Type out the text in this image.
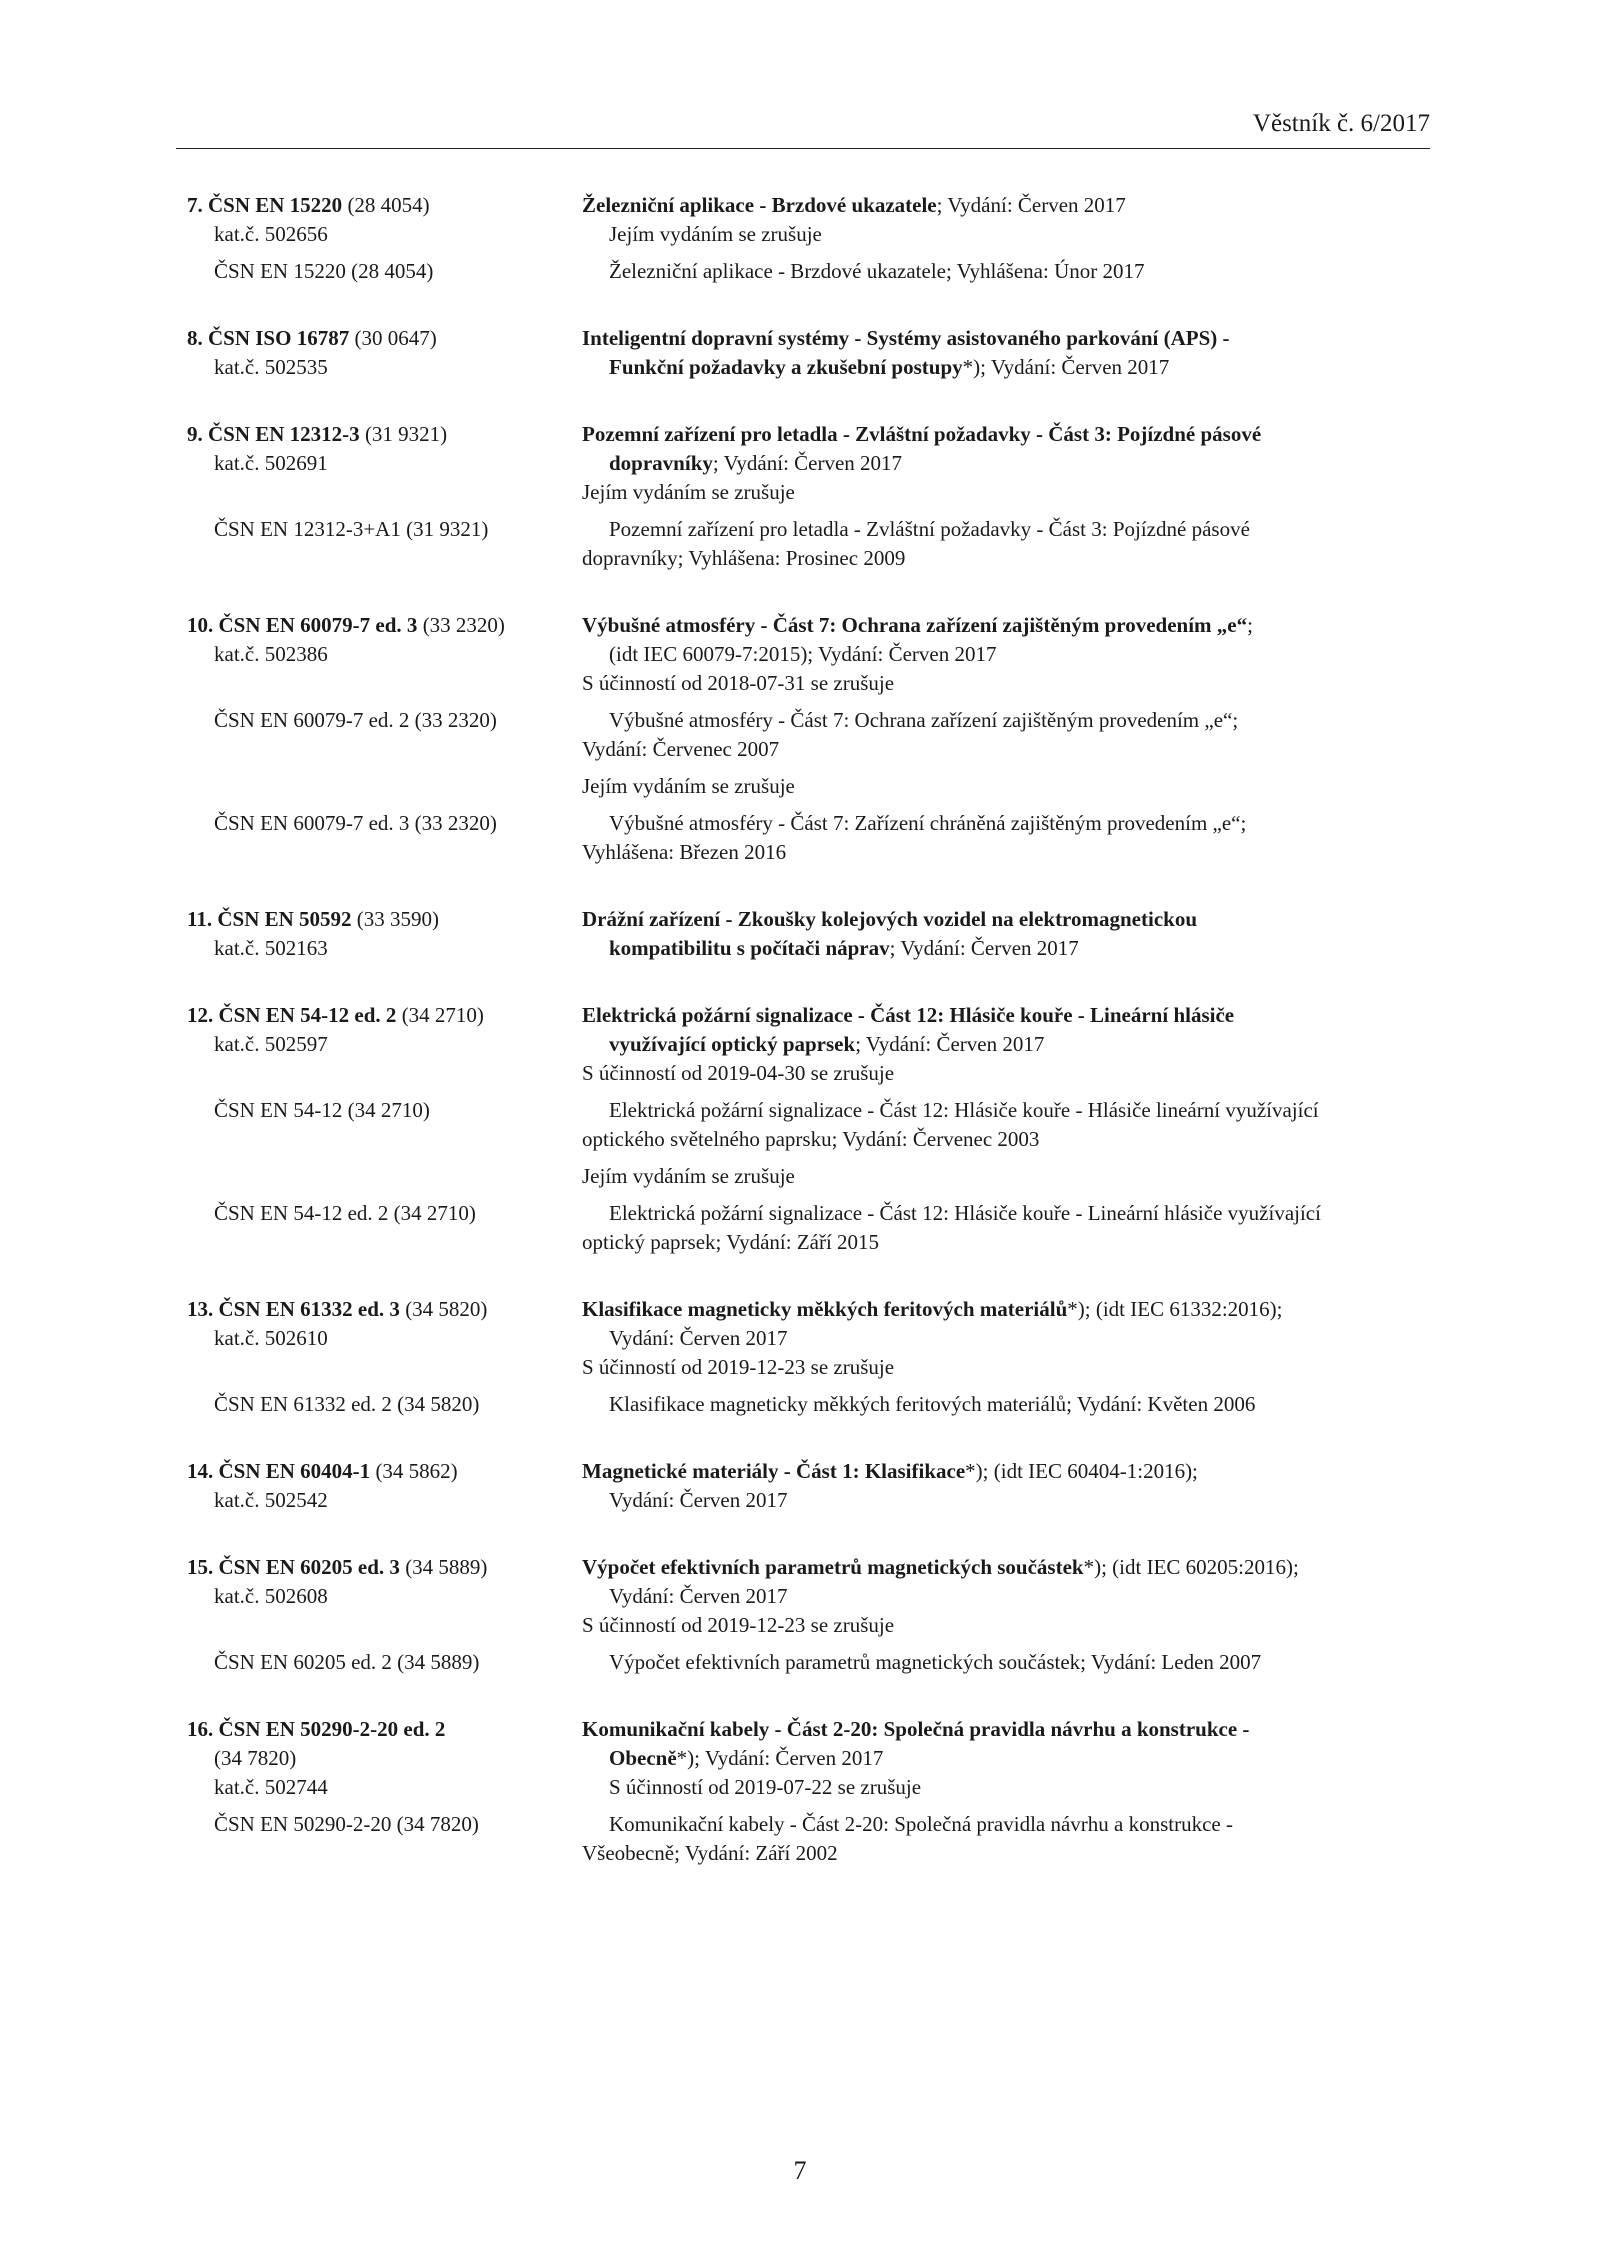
Věstník č. 6/2017
7. ČSN EN 15220 (28 4054)	Železniční aplikace - Brzdové ukazatele; Vydání: Červen 2017
kat.č. 502656	Jejím vydáním se zrušuje
ČSN EN 15220 (28 4054)	Železniční aplikace - Brzdové ukazatele; Vyhlášena: Únor 2017
8. ČSN ISO 16787 (30 0647)	Inteligentní dopravní systémy - Systémy asistovaného parkování (APS) -
kat.č. 502535	Funkční požadavky a zkušební postupy*); Vydání: Červen 2017
9. ČSN EN 12312-3 (31 9321)	Pozemní zařízení pro letadla - Zvláštní požadavky - Část 3: Pojízdné pásové
kat.č. 502691	dopravníky; Vydání: Červen 2017
Jejím vydáním se zrušuje
ČSN EN 12312-3+A1 (31 9321)	Pozemní zařízení pro letadla - Zvláštní požadavky - Část 3: Pojízdné pásové
dopravníky; Vyhlášena: Prosinec 2009
10. ČSN EN 60079-7 ed. 3 (33 2320)	Výbušné atmosféry - Část 7: Ochrana zařízení zajištěným provedením „e“;
kat.č. 502386	(idt IEC 60079-7:2015); Vydání: Červen 2017
S účinností od 2018-07-31 se zrušuje
ČSN EN 60079-7 ed. 2 (33 2320)	Výbušné atmosféry - Část 7: Ochrana zařízení zajištěným provedením „e“;
Vydání: Červenec 2007
Jejím vydáním se zrušuje
ČSN EN 60079-7 ed. 3 (33 2320)	Výbušné atmosféry - Část 7: Zařízení chráněná zajištěným provedením „e“;
Vyhlášena: Březen 2016
11. ČSN EN 50592 (33 3590)	Drážní zařízení - Zkoušky kolejových vozidel na elektromagnetickou
kat.č. 502163	kompatibilitu s počítači náprav; Vydání: Červen 2017
12. ČSN EN 54-12 ed. 2 (34 2710)	Elektrická požární signalizace - Část 12: Hlásiče kouře - Lineární hlásiče
kat.č. 502597	využívající optický paprsek; Vydání: Červen 2017
S účinností od 2019-04-30 se zrušuje
ČSN EN 54-12 (34 2710)	Elektrická požární signalizace - Část 12: Hlásiče kouře - Hlásiče lineární využívající
optického světelného paprsku; Vydání: Červenec 2003
Jejím vydáním se zrušuje
ČSN EN 54-12 ed. 2 (34 2710)	Elektrická požární signalizace - Část 12: Hlásiče kouře - Lineární hlásiče využívající
optický paprsek; Vydání: Září 2015
13. ČSN EN 61332 ed. 3 (34 5820)	Klasifikace magneticky měkkých feritových materiálů*); (idt IEC 61332:2016);
kat.č. 502610	Vydání: Červen 2017
S účinností od 2019-12-23 se zrušuje
ČSN EN 61332 ed. 2 (34 5820)	Klasifikace magneticky měkkých feritových materiálů; Vydání: Květen 2006
14. ČSN EN 60404-1 (34 5862)	Magnetické materiály - Část 1: Klasifikace*); (idt IEC 60404-1:2016);
kat.č. 502542	Vydání: Červen 2017
15. ČSN EN 60205 ed. 3 (34 5889)	Výpočet efektivních parametrů magnetických součástek*); (idt IEC 60205:2016);
kat.č. 502608	Vydání: Červen 2017
S účinností od 2019-12-23 se zrušuje
ČSN EN 60205 ed. 2 (34 5889)	Výpočet efektivních parametrů magnetických součástek; Vydání: Leden 2007
16. ČSN EN 50290-2-20 ed. 2	Komunikační kabely - Část 2-20: Společná pravidla návrhu a konstrukce -
(34 7820)	Obecně*); Vydání: Červen 2017
kat.č. 502744	S účinností od 2019-07-22 se zrušuje
ČSN EN 50290-2-20 (34 7820)	Komunikační kabely - Část 2-20: Společná pravidla návrhu a konstrukce -
Všeobecně; Vydání: Září 2002
7
